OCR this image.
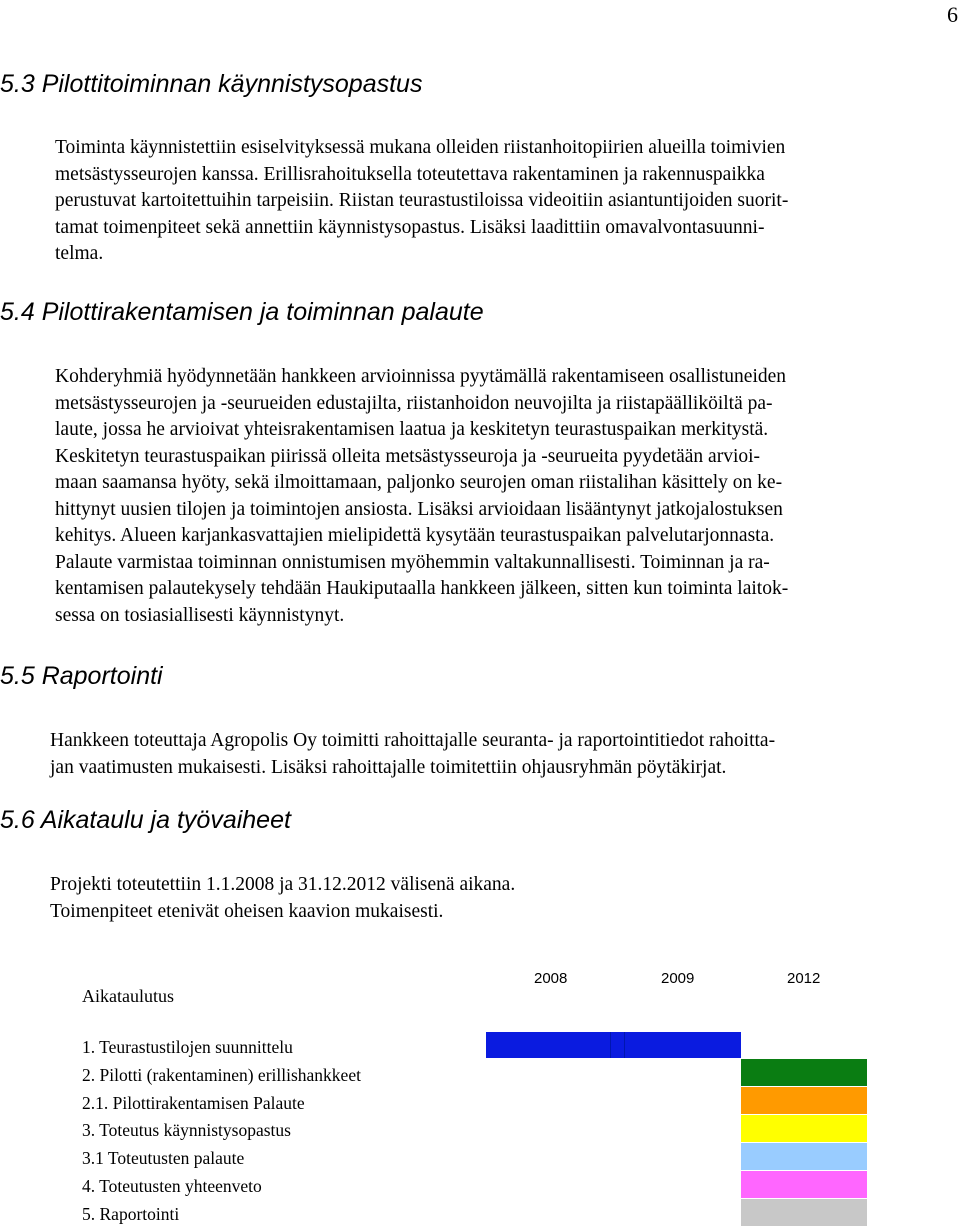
6
5.3 Pilottitoiminnan käynnistysopastus

Toiminta käynnistettiin esiselvityksessä mukana olleiden riistanhoitopiirien alueilla toimivien
metsästysseurojen kanssa. Erillisrahoituksella toteutettava rakentaminen ja rakennuspaikka
perustuvat kartoitettuihin tarpeisiin. Riistan teurastustiloissa videoitiin asiantuntijoiden suorit-
tamat toimenpiteet sekä annettiin käynnistysopastus. Lisäksi laadittiin omavalvontasuunni-
telma.

5.4 Pilottirakentamisen ja toiminnan palaute

Kohderyhmiä hyödynnetään hankkeen arvioinnissa pyytämällä rakentamiseen osallistuneiden
metsästysseurojen ja -seurueiden edustajilta, riistanhoidon neuvojilta ja riistapäälliköiltä pa-
laute, jossa he arvioivat yhteisrakentamisen laatua ja keskitetyn teurastuspaikan merkitystä.
Keskitetyn teurastuspaikan piirissä olleita metsästysseuroja ja -seurueita pyydetään arvioi-
maan saamansa hyöty, sekä ilmoittamaan, paljonko seurojen oman riistalihan käsittely on ke-
hittynyt uusien tilojen ja toimintojen ansiosta. Lisäksi arvioidaan lisääntynyt jatkojalostuksen
kehitys. Alueen karjankasvattajien mielipidettä kysytään teurastuspaikan palvelutarjonnasta.
Palaute varmistaa toiminnan onnistumisen myöhemmin valtakunnallisesti. Toiminnan ja ra-
kentamisen palautekysely tehdään Haukiputaalla hankkeen jälkeen, sitten kun toiminta laitok-
sessa on tosiasiallisesti käynnistynyt.

5.5 Raportointi

Hankkeen toteuttaja Agropolis Oy toimitti rahoittajalle seuranta- ja raportointitiedot rahoitta-
jan vaatimusten mukaisesti. Lisäksi rahoittajalle toimitettiin ohjausryhmän pöytäkirjat.

5.6 Aikataulu ja työvaiheet

Projekti toteutettiin 1.1.2008 ja 31.12.2012 välisenä aikana.
Toimenpiteet etenivät oheisen kaavion mukaisesti.

Aikataulutus
2008	2009	2012
1. Teurastustilojen suunnittelu
2. Pilotti (rakentaminen) erillishankkeet
2.1. Pilottirakentamisen Palaute
3. Toteutus käynnistysopastus
3.1 Toteutusten palaute
4. Toteutusten yhteenveto
5. Raportointi
